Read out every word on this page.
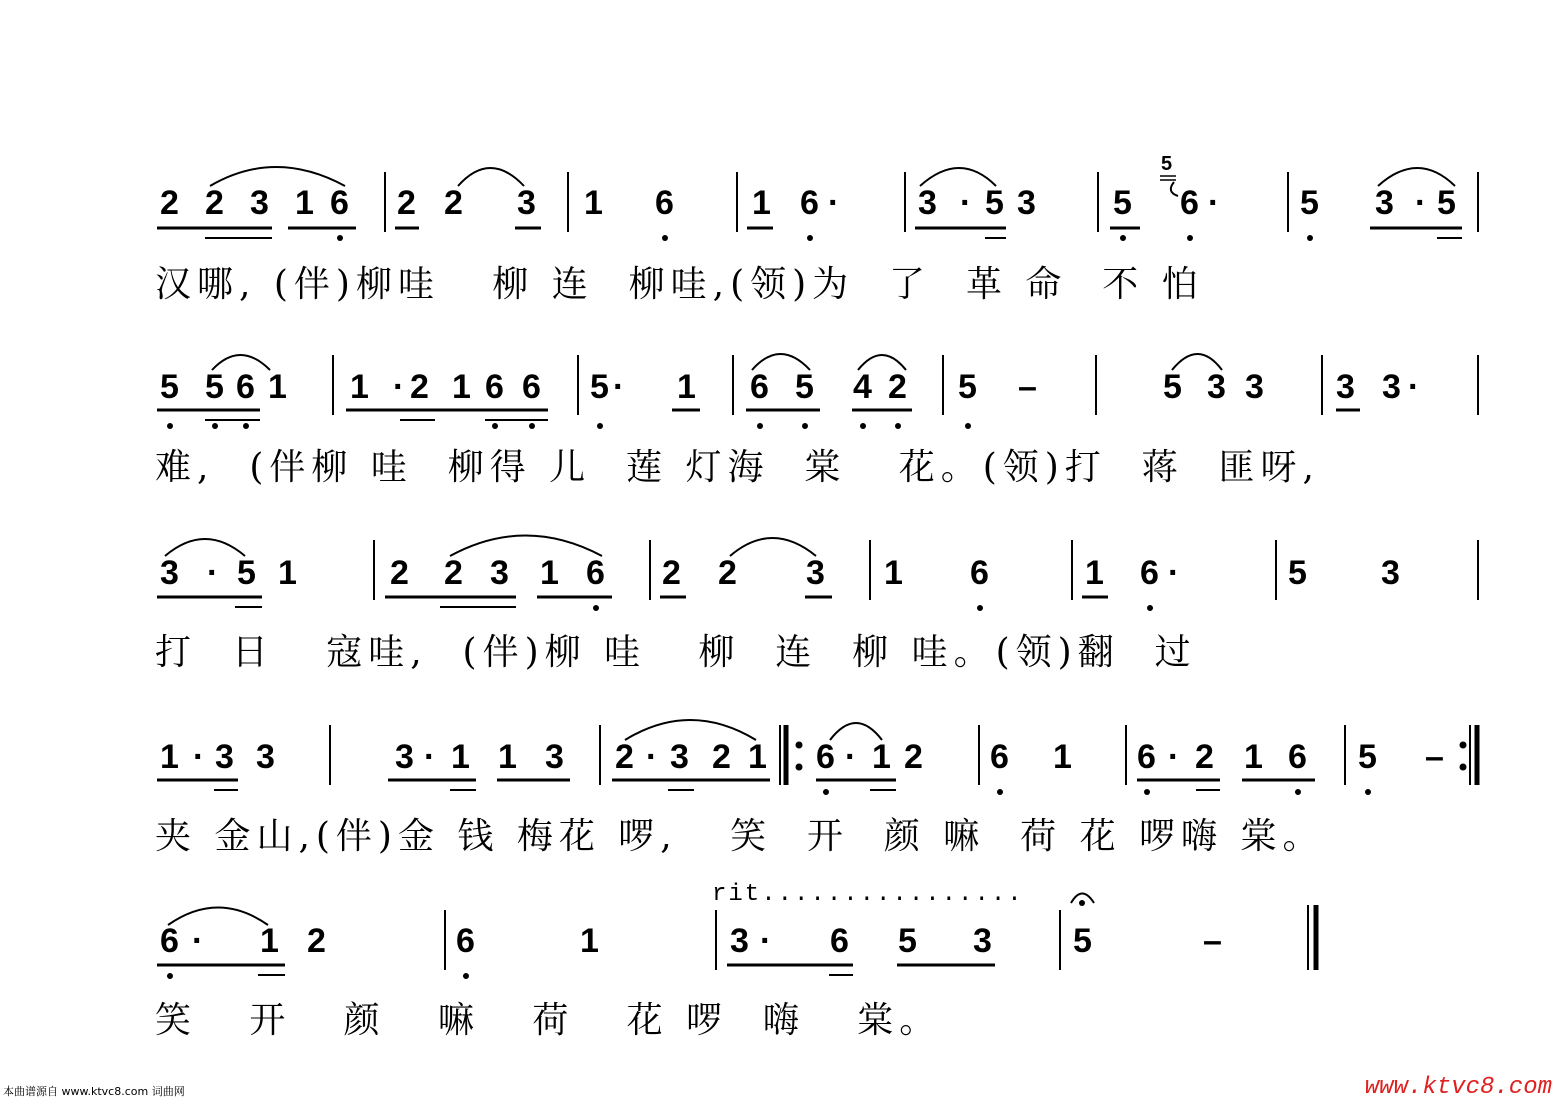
2 2 3 1 6 2 2 3 1 6 1 6 · 3 · 5 3 5 6 · 5 3 · 5
5 5 6 1 1 · 2 1 6 6 5 · 1 6 5 4 2 5 –	5 3 3 3 3 ·
3 · 5 1	2 2 3 1 6 2 2 3 1 6	1 6 ·	5 3
1 · 3 3	3 · 1 1 3 2 · 3 2 1 6 · 1 2 6 1 6 · 2 1 6 5 –
6 · 1 2	6	1	3 · 6 5 3 5	–
rit................
5
汉哪, (伴)柳哇   柳 连  柳哇,(领)为  了  革 命  不 怕
难,  (伴柳 哇  柳得 儿  莲 灯海  棠   花。(领)打  蒋  匪呀,
打  日   寇哇,  (伴)柳 哇   柳  连  柳 哇。(领)翻  过
夹 金山,(伴)金 钱 梅花 啰,   笑  开  颜 嘛  荷 花 啰嗨 棠。
笑   开   颜   嘛   荷   花 啰  嗨   棠。
本曲谱源自 www.ktvc8.com 词曲网	www.ktvc8.com
